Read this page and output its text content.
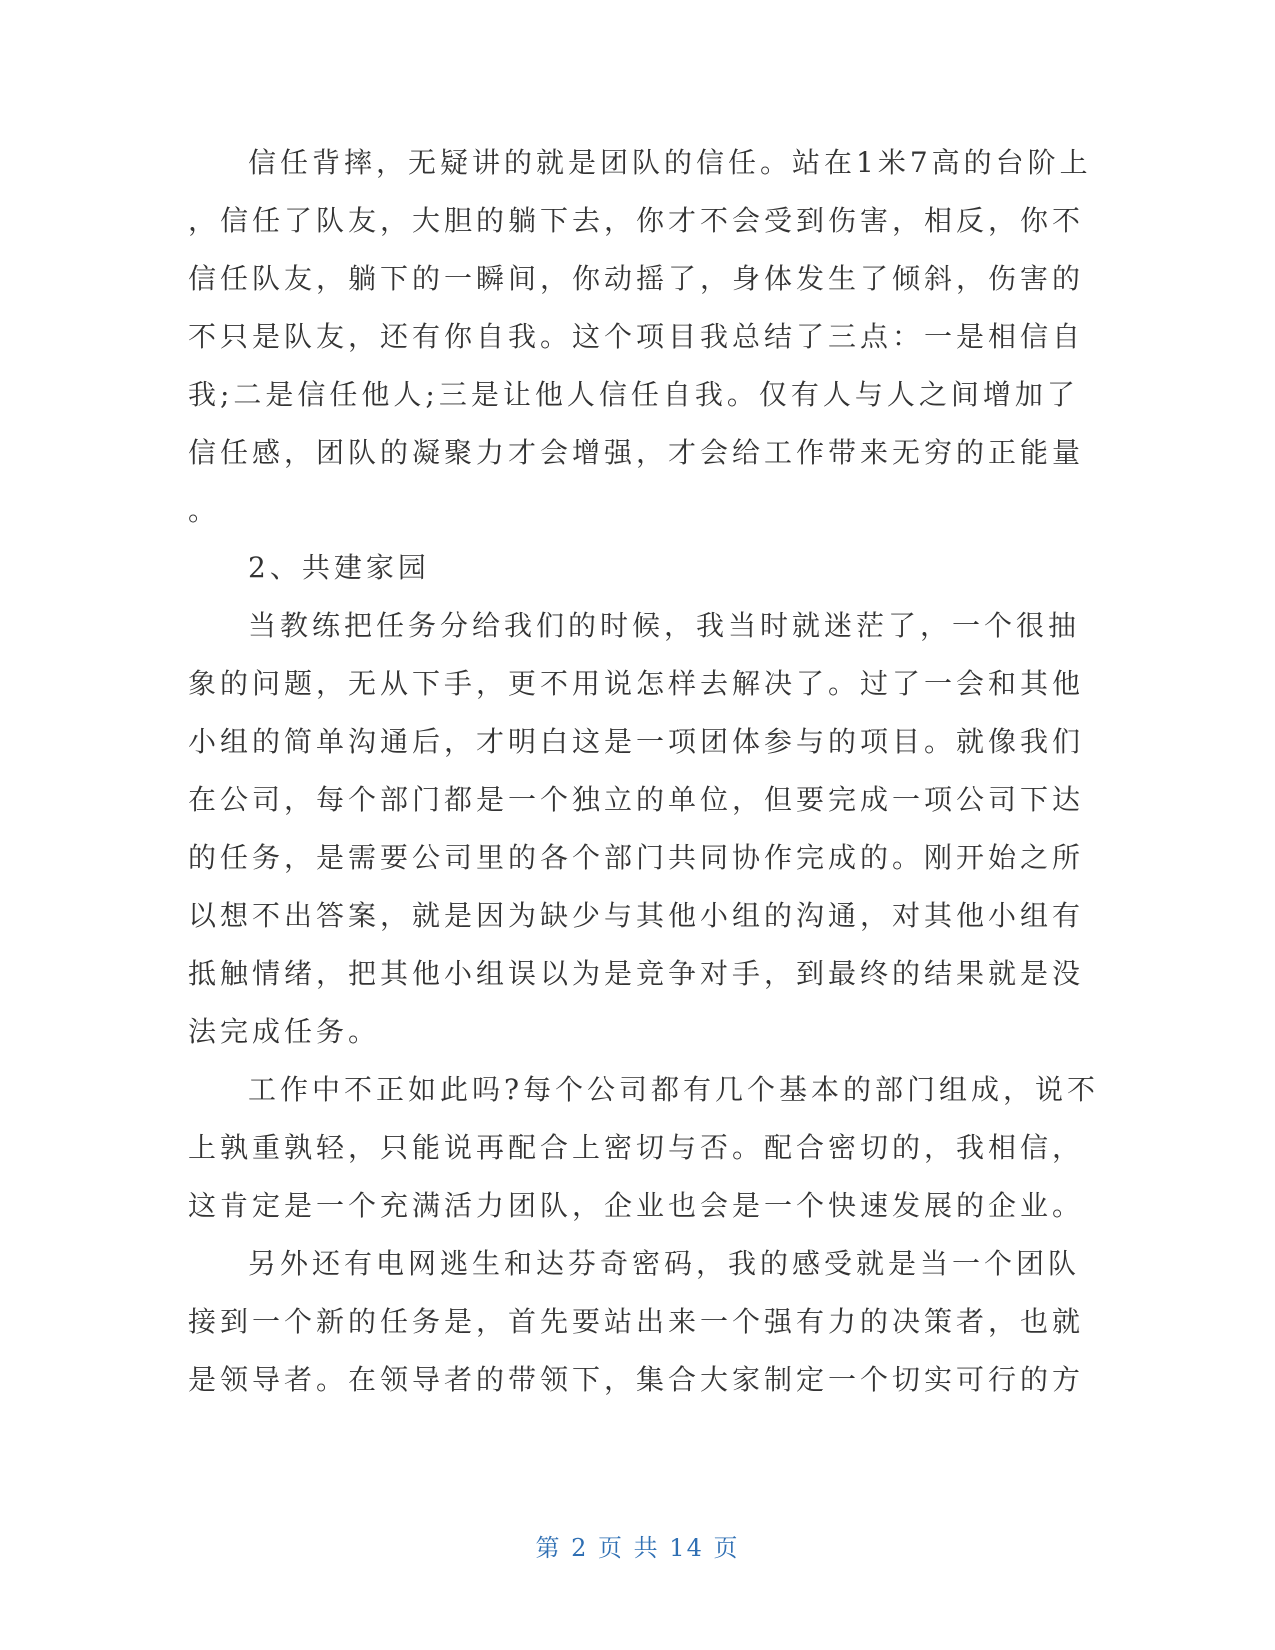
信任背摔，无疑讲的就是团队的信任。站在1米7高的台阶上
，信任了队友，大胆的躺下去，你才不会受到伤害，相反，你不
信任队友，躺下的一瞬间，你动摇了，身体发生了倾斜，伤害的
不只是队友，还有你自我。这个项目我总结了三点：一是相信自
我;二是信任他人;三是让他人信任自我。仅有人与人之间增加了
信任感，团队的凝聚力才会增强，才会给工作带来无穷的正能量
。
2、共建家园
当教练把任务分给我们的时候，我当时就迷茫了，一个很抽
象的问题，无从下手，更不用说怎样去解决了。过了一会和其他
小组的简单沟通后，才明白这是一项团体参与的项目。就像我们
在公司，每个部门都是一个独立的单位，但要完成一项公司下达
的任务，是需要公司里的各个部门共同协作完成的。刚开始之所
以想不出答案，就是因为缺少与其他小组的沟通，对其他小组有
抵触情绪，把其他小组误以为是竞争对手，到最终的结果就是没
法完成任务。
工作中不正如此吗?每个公司都有几个基本的部门组成，说不
上孰重孰轻，只能说再配合上密切与否。配合密切的，我相信，
这肯定是一个充满活力团队，企业也会是一个快速发展的企业。
另外还有电网逃生和达芬奇密码，我的感受就是当一个团队
接到一个新的任务是，首先要站出来一个强有力的决策者，也就
是领导者。在领导者的带领下，集合大家制定一个切实可行的方
第 2 页 共 14 页
